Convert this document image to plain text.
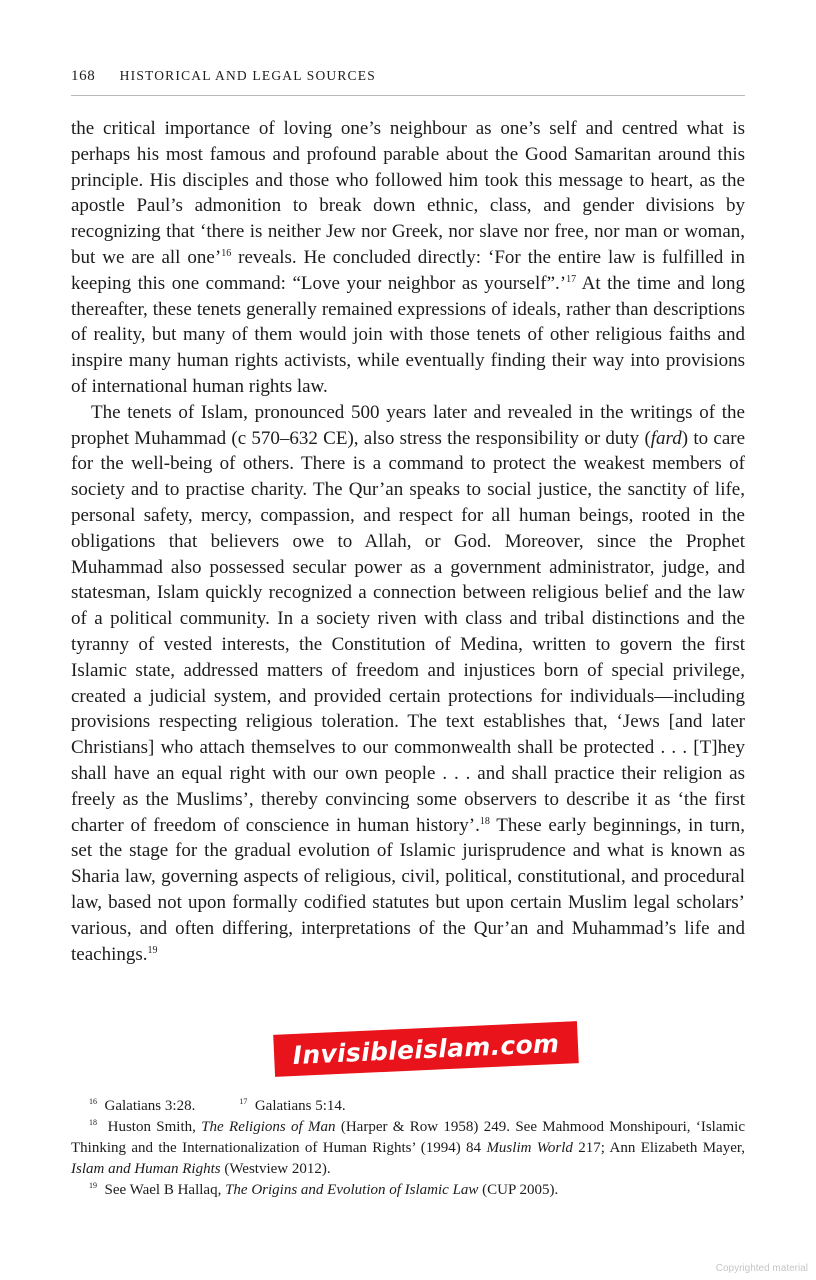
168 HISTORICAL AND LEGAL SOURCES

the critical importance of loving one’s neighbour as one’s self and centred what is perhaps his most famous and profound parable about the Good Samaritan around this principle. His disciples and those who followed him took this message to heart, as the apostle Paul’s admonition to break down ethnic, class, and gender divisions by recognizing that ‘there is neither Jew nor Greek, nor slave nor free, nor man or woman, but we are all one’$^{16}$ reveals. He concluded directly: ‘For the entire law is fulfilled in keeping this one command: “Love your neighbor as yourself”.’$^{17}$ At the time and long thereafter, these tenets generally remained expressions of ideals, rather than descriptions of reality, but many of them would join with those tenets of other religious faiths and inspire many human rights activists, while eventually finding their way into provisions of international human rights law.

The tenets of Islam, pronounced 500 years later and revealed in the writings of the prophet Muhammad (c 570–632 CE), also stress the responsibility or duty (fard) to care for the well-being of others. There is a command to protect the weakest members of society and to practise charity. The Qur’an speaks to social justice, the sanctity of life, personal safety, mercy, compassion, and respect for all human beings, rooted in the obligations that believers owe to Allah, or God. Moreover, since the Prophet Muhammad also possessed secular power as a government administrator, judge, and statesman, Islam quickly recognized a connection between religious belief and the law of a political community. In a society riven with class and tribal distinctions and the tyranny of vested interests, the Constitution of Medina, written to govern the first Islamic state, addressed matters of freedom and injustices born of special privilege, created a judicial system, and provided certain protections for individuals—including provisions respecting religious toleration. The text establishes that, ‘Jews [and later Christians] who attach themselves to our commonwealth shall be protected . . . [T]hey shall have an equal right with our own people . . . and shall practice their religion as freely as the Muslims’, thereby convincing some observers to describe it as ‘the first charter of freedom of conscience in human history’.$^{18}$ These early beginnings, in turn, set the stage for the gradual evolution of Islamic jurisprudence and what is known as Sharia law, governing aspects of religious, civil, political, constitutional, and procedural law, based not upon formally codified statutes but upon certain Muslim legal scholars’ various, and often differing, interpretations of the Qur’an and Muhammad’s life and teachings.$^{19}$

Invisibleislam.com

$^{16}$ Galatians 3:28.	$^{17}$ Galatians 5:14.

$^{18}$ Huston Smith, The Religions of Man (Harper & Row 1958) 249. See Mahmood Monshipouri, ‘Islamic Thinking and the Internationalization of Human Rights’ (1994) 84 Muslim World 217; Ann Elizabeth Mayer, Islam and Human Rights (Westview 2012).

$^{19}$ See Wael B Hallaq, The Origins and Evolution of Islamic Law (CUP 2005).

Copyrighted material
